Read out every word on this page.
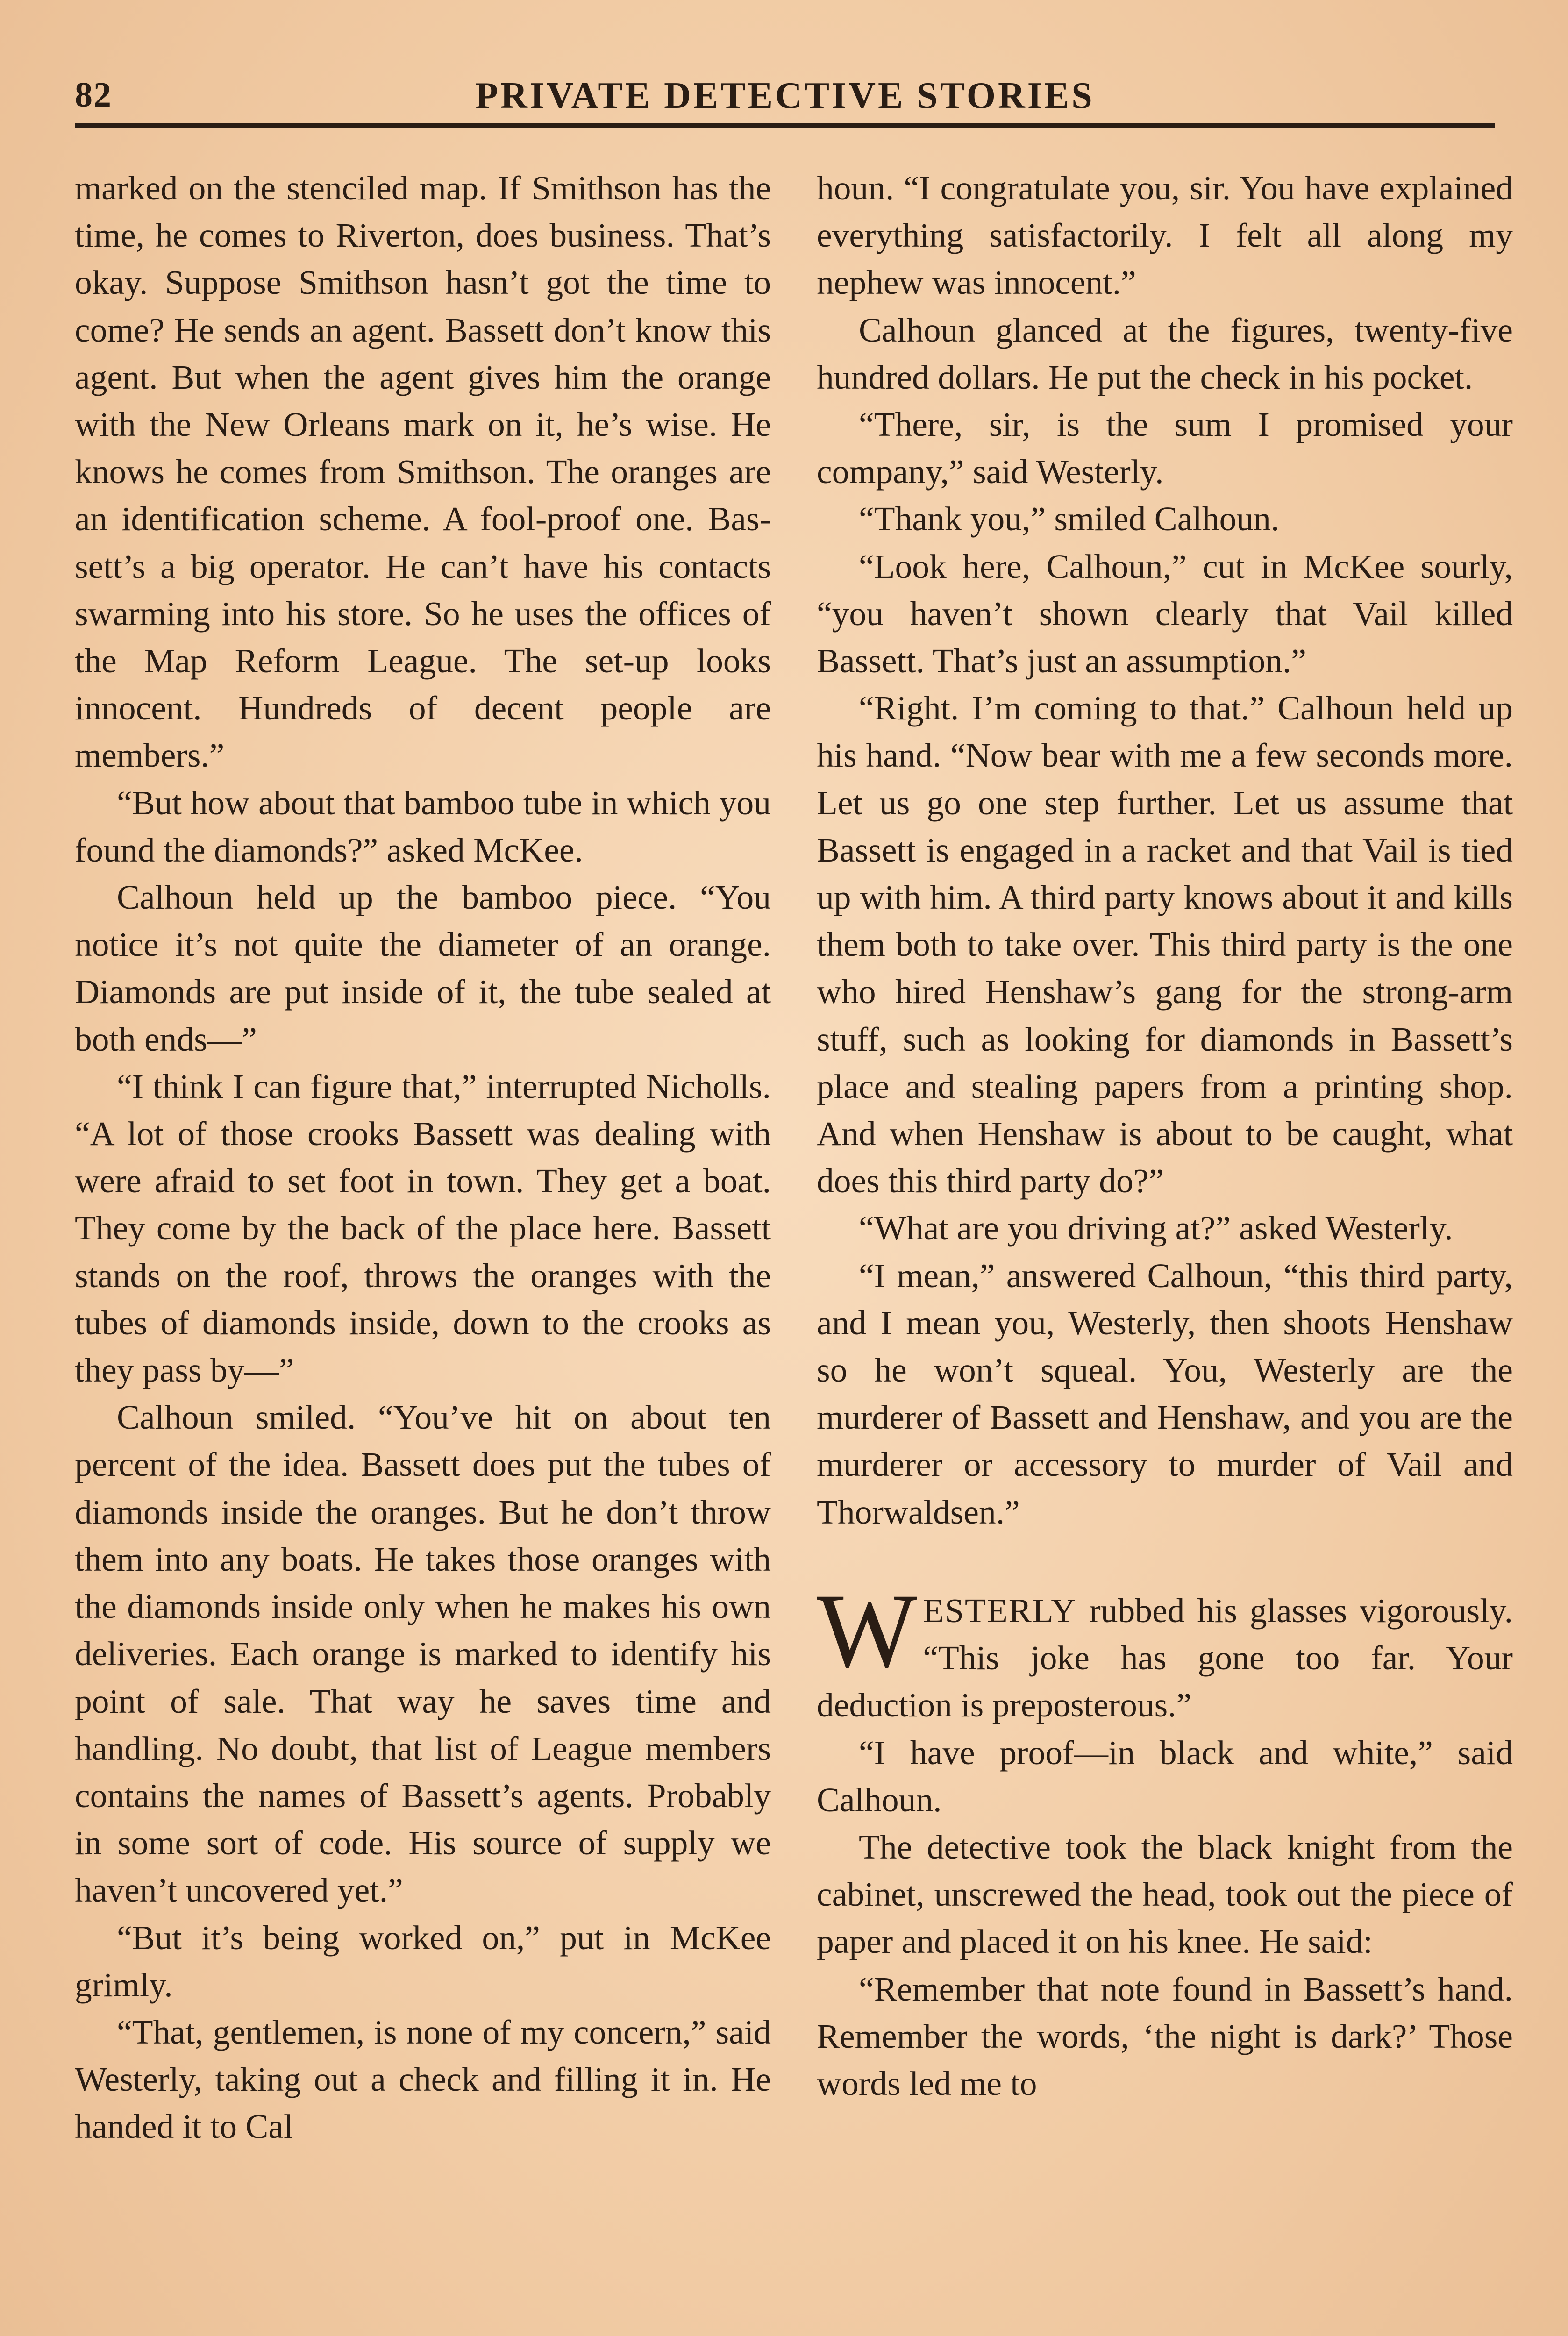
82	PRIVATE DETECTIVE STORIES

marked on the stenciled map. If Smithson has the time, he comes to Riverton, does business. That’s okay. Suppose Smithson hasn’t got the time to come? He sends an agent. Bassett don’t know this agent. But when the agent gives him the orange with the New Orleans mark on it, he’s wise. He knows he comes from Smithson. The oranges are an identification scheme. A fool-proof one. Bassett’s a big operator. He can’t have his contacts swarming into his store. So he uses the offices of the Map Reform League. The set-up looks innocent. Hundreds of decent people are members.”

“But how about that bamboo tube in which you found the diamonds?” asked McKee.

Calhoun held up the bamboo piece. “You notice it’s not quite the diameter of an orange. Diamonds are put inside of it, the tube sealed at both ends—”

“I think I can figure that,” interrupted Nicholls. “A lot of those crooks Bassett was dealing with were afraid to set foot in town. They get a boat. They come by the back of the place here. Bassett stands on the roof, throws the oranges with the tubes of diamonds inside, down to the crooks as they pass by—”

Calhoun smiled. “You’ve hit on about ten percent of the idea. Bassett does put the tubes of diamonds inside the oranges. But he don’t throw them into any boats. He takes those oranges with the diamonds inside only when he makes his own deliveries. Each orange is marked to identify his point of sale. That way he saves time and handling. No doubt, that list of League members contains the names of Bassett’s agents. Probably in some sort of code. His source of supply we haven’t uncovered yet.”

“But it’s being worked on,” put in McKee grimly.

“That, gentlemen, is none of my concern,” said Westerly, taking out a check and filling it in. He handed it to Cal

houn. “I congratulate you, sir. You have explained everything satisfactorily. I felt all along my nephew was innocent.”

Calhoun glanced at the figures, twenty-five hundred dollars. He put the check in his pocket.

“There, sir, is the sum I promised your company,” said Westerly.

“Thank you,” smiled Calhoun.

“Look here, Calhoun,” cut in McKee sourly, “you haven’t shown clearly that Vail killed Bassett. That’s just an assumption.”

“Right. I’m coming to that.” Calhoun held up his hand. “Now bear with me a few seconds more. Let us go one step further. Let us assume that Bassett is engaged in a racket and that Vail is tied up with him. A third party knows about it and kills them both to take over. This third party is the one who hired Henshaw’s gang for the strong-arm stuff, such as looking for diamonds in Bassett’s place and stealing papers from a printing shop. And when Henshaw is about to be caught, what does this third party do?”

“What are you driving at?” asked Westerly.

“I mean,” answered Calhoun, “this third party, and I mean you, Westerly, then shoots Henshaw so he won’t squeal. You, Westerly are the murderer of Bassett and Henshaw, and you are the murderer or accessory to murder of Vail and Thorwaldsen.”

WESTERLY rubbed his glasses vigorously. “This joke has gone too far. Your deduction is preposterous.”

“I have proof—in black and white,” said Calhoun.

The detective took the black knight from the cabinet, unscrewed the head, took out the piece of paper and placed it on his knee. He said:

“Remember that note found in Bassett’s hand. Remember the words, ‘the night is dark?’ Those words led me to
